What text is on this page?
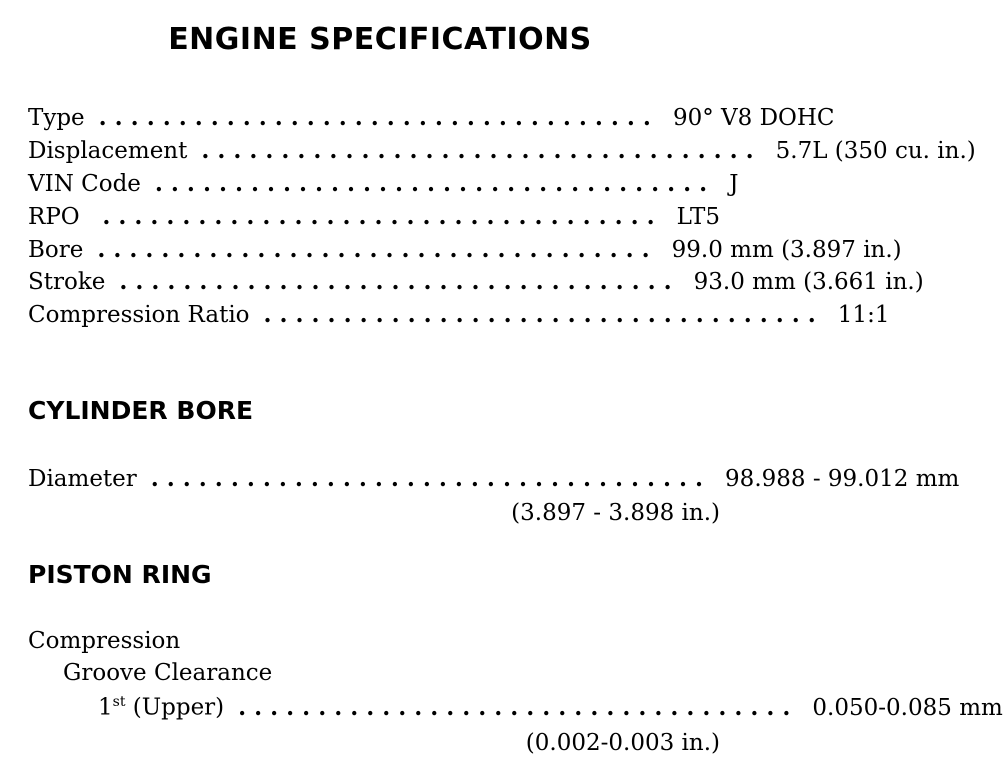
ENGINE SPECIFICATIONS
Type ................................... 90° V8 DOHC
Displacement ................................... 5.7L (350 cu. in.)
VIN Code ................................... J
RPO ................................... LT5
Bore ................................... 99.0 mm (3.897 in.)
Stroke ................................... 93.0 mm (3.661 in.)
Compression Ratio ................................... 11:1
CYLINDER BORE
Diameter ................................... 98.988 - 99.012 mm
(3.897 - 3.898 in.)
PISTON RING
Compression
Groove Clearance
1st (Upper) ................................... 0.050-0.085 mm
(0.002-0.003 in.)
